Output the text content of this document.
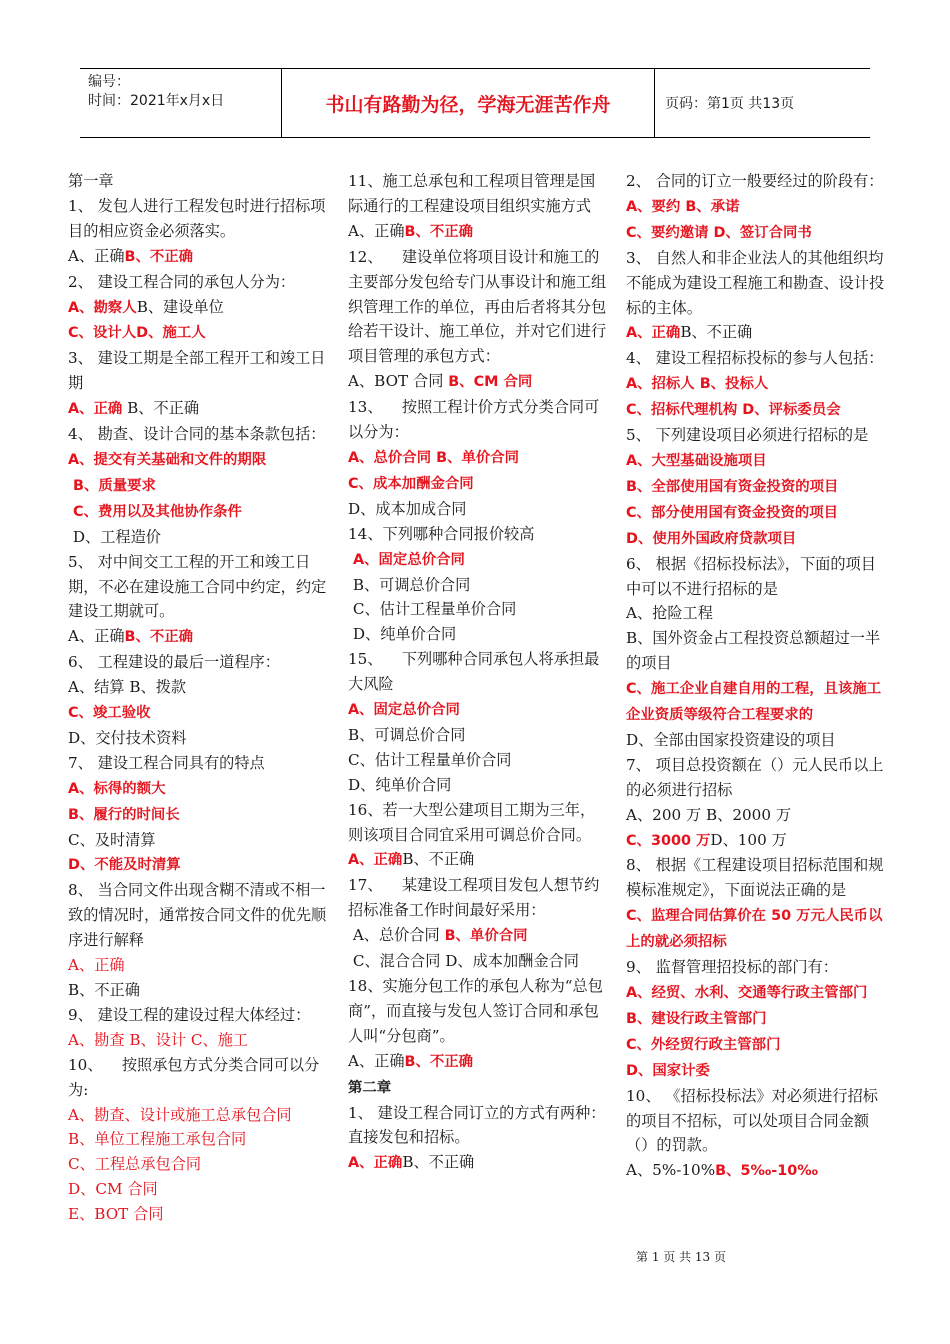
编号：
时间：2021年x月x日	书山有路勤为径，学海无涯苦作舟	页码：第1页 共13页
第一章
1、 发包人进行工程发包时进行招标项目的相应资金必须落实。
A、正确B、不正确
2、 建设工程合同的承包人分为：
A、勘察人B、建设单位
C、设计人D、施工人
3、 建设工期是全部工程开工和竣工日期
A、正确 B、不正确
4、 勘查、设计合同的基本条款包括：
A、提交有关基础和文件的期限
B、质量要求
C、费用以及其他协作条件
D、工程造价
5、 对中间交工工程的开工和竣工日期，不必在建设施工合同中约定，约定建设工期就可。
A、正确B、不正确
6、 工程建设的最后一道程序：
A、结算 B、拨款
C、竣工验收
D、交付技术资料
7、 建设工程合同具有的特点
A、标得的额大
B、履行的时间长
C、及时清算
D、不能及时清算
8、 当合同文件出现含糊不清或不相一致的情况时，通常按合同文件的优先顺序进行解释
A、正确
B、不正确
9、 建设工程的建设过程大体经过：
A、勘查 B、设计 C、施工
10、    按照承包方式分类合同可以分为:
A、勘查、设计或施工总承包合同
B、单位工程施工承包合同
C、工程总承包合同
D、CM 合同
E、BOT 合同
11、施工总承包和工程项目管理是国际通行的工程建设项目组织实施方式
A、正确B、不正确
12、    建设单位将项目设计和施工的主要部分发包给专门从事设计和施工组织管理工作的单位，再由后者将其分包给若干设计、施工单位，并对它们进行项目管理的承包方式：
A、BOT 合同 B、CM 合同
13、    按照工程计价方式分类合同可以分为：
A、总价合同 B、单价合同
C、成本加酬金合同
D、成本加成合同
14、下列哪种合同报价较高
A、固定总价合同
B、可调总价合同
C、估计工程量单价合同
D、纯单价合同
15、    下列哪种合同承包人将承担最大风险
A、固定总价合同
B、可调总价合同
C、估计工程量单价合同
D、纯单价合同
16、若一大型公建项目工期为三年，则该项目合同宜采用可调总价合同。
A、正确B、不正确
17、    某建设工程项目发包人想节约招标准备工作时间最好采用：
A、总价合同 B、单价合同
C、混合合同 D、成本加酬金合同
18、实施分包工作的承包人称为“总包商”，而直接与发包人签订合同和承包人叫“分包商”。
A、正确B、不正确
第二章
1、 建设工程合同订立的方式有两种：直接发包和招标。
A、正确B、不正确
2、 合同的订立一般要经过的阶段有：
A、要约 B、承诺
C、要约邀请 D、签订合同书
3、 自然人和非企业法人的其他组织均不能成为建设工程施工和勘查、设计投标的主体。
A、正确B、不正确
4、 建设工程招标投标的参与人包括： A、招标人 B、投标人
C、招标代理机构 D、评标委员会
5、 下列建设项目必须进行招标的是 A、大型基础设施项目
B、全部使用国有资金投资的项目
C、部分使用国有资金投资的项目
D、使用外国政府贷款项目
6、 根据《招标投标法》，下面的项目中可以不进行招标的是
A、抢险工程
B、国外资金占工程投资总额超过一半的项目
C、施工企业自建自用的工程，且该施工企业资质等级符合工程要求的
D、全部由国家投资建设的项目
7、 项目总投资额在（）元人民币以上的必须进行招标
A、200 万 B、2000 万
C、3000 万D、100 万
8、 根据《工程建设项目招标范围和规模标准规定》，下面说法正确的是
C、监理合同估算价在 50 万元人民币以上的就必须招标
9、 监督管理招投标的部门有：
A、经贸、水利、交通等行政主管部门 B、建设行政主管部门
C、外经贸行政主管部门
D、国家计委
10、 《招标投标法》对必须进行招标的项目不招标，可以处项目合同金额（）的罚款。
A、5%-10%B、5‰-10‰
第 1 页 共 13 页
